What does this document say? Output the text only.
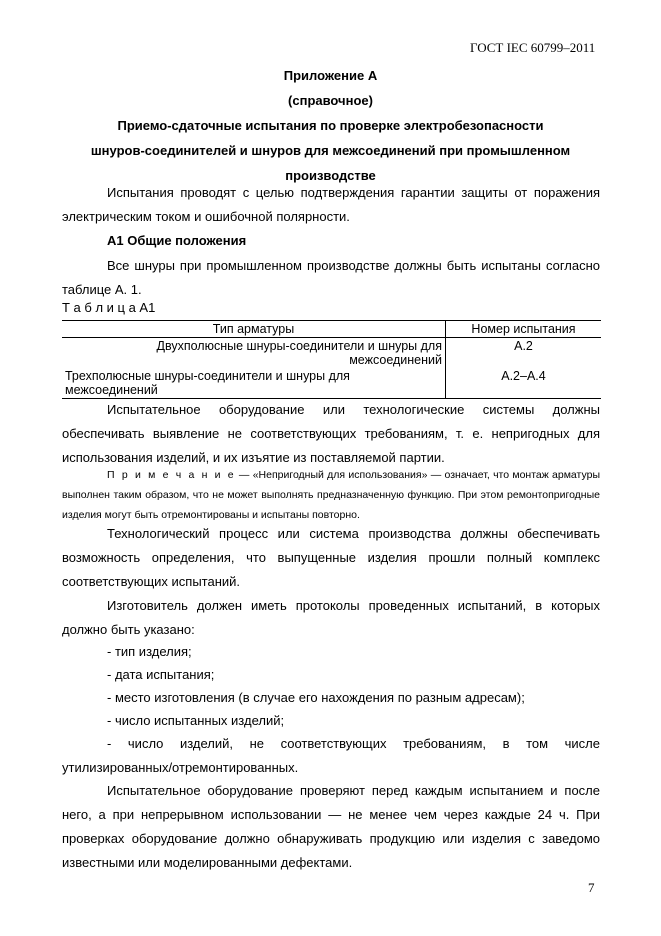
ГОСТ IEC 60799–2011
Приложение А
(справочное)
Приемо-сдаточные испытания по проверке электробезопасности
шнуров-соединителей и шнуров для межсоединений при промышленном
производстве
Испытания проводят с целью подтверждения гарантии защиты от поражения электрическим током и ошибочной полярности.
А1 Общие положения
Все шнуры при промышленном производстве должны быть испытаны согласно таблице А. 1.
Т а б л и ц а А1
Тип арматуры	Номер испытания
Двухполюсные шнуры-соединители и шнуры для межсоединений	А.2
Трехполюсные шнуры-соединители и шнуры для межсоединений	А.2–А.4
Испытательное оборудование или технологические системы должны обеспечивать выявление не соответствующих требованиям, т. е. непригодных для использования изделий, и их изъятие из поставляемой партии.
П р и м е ч а н и е — «Непригодный для использования» — означает, что монтаж арматуры выполнен таким образом, что не может выполнять предназначенную функцию. При этом ремонтопригодные изделия могут быть отремонтированы и испытаны повторно.
Технологический процесс или система производства должны обеспечивать возможность определения, что выпущенные изделия прошли полный комплекс соответствующих испытаний.
Изготовитель должен иметь протоколы проведенных испытаний, в которых должно быть указано:
- тип изделия;
- дата испытания;
- место изготовления (в случае его нахождения по разным адресам);
- число испытанных изделий;
- число изделий, не соответствующих требованиям, в том числе утилизированных/отремонтированных.
Испытательное оборудование проверяют перед каждым испытанием и после него, а при непрерывном использовании — не менее чем через каждые 24 ч. При проверках оборудование должно обнаруживать продукцию или изделия с заведомо известными или моделированными дефектами.
7
